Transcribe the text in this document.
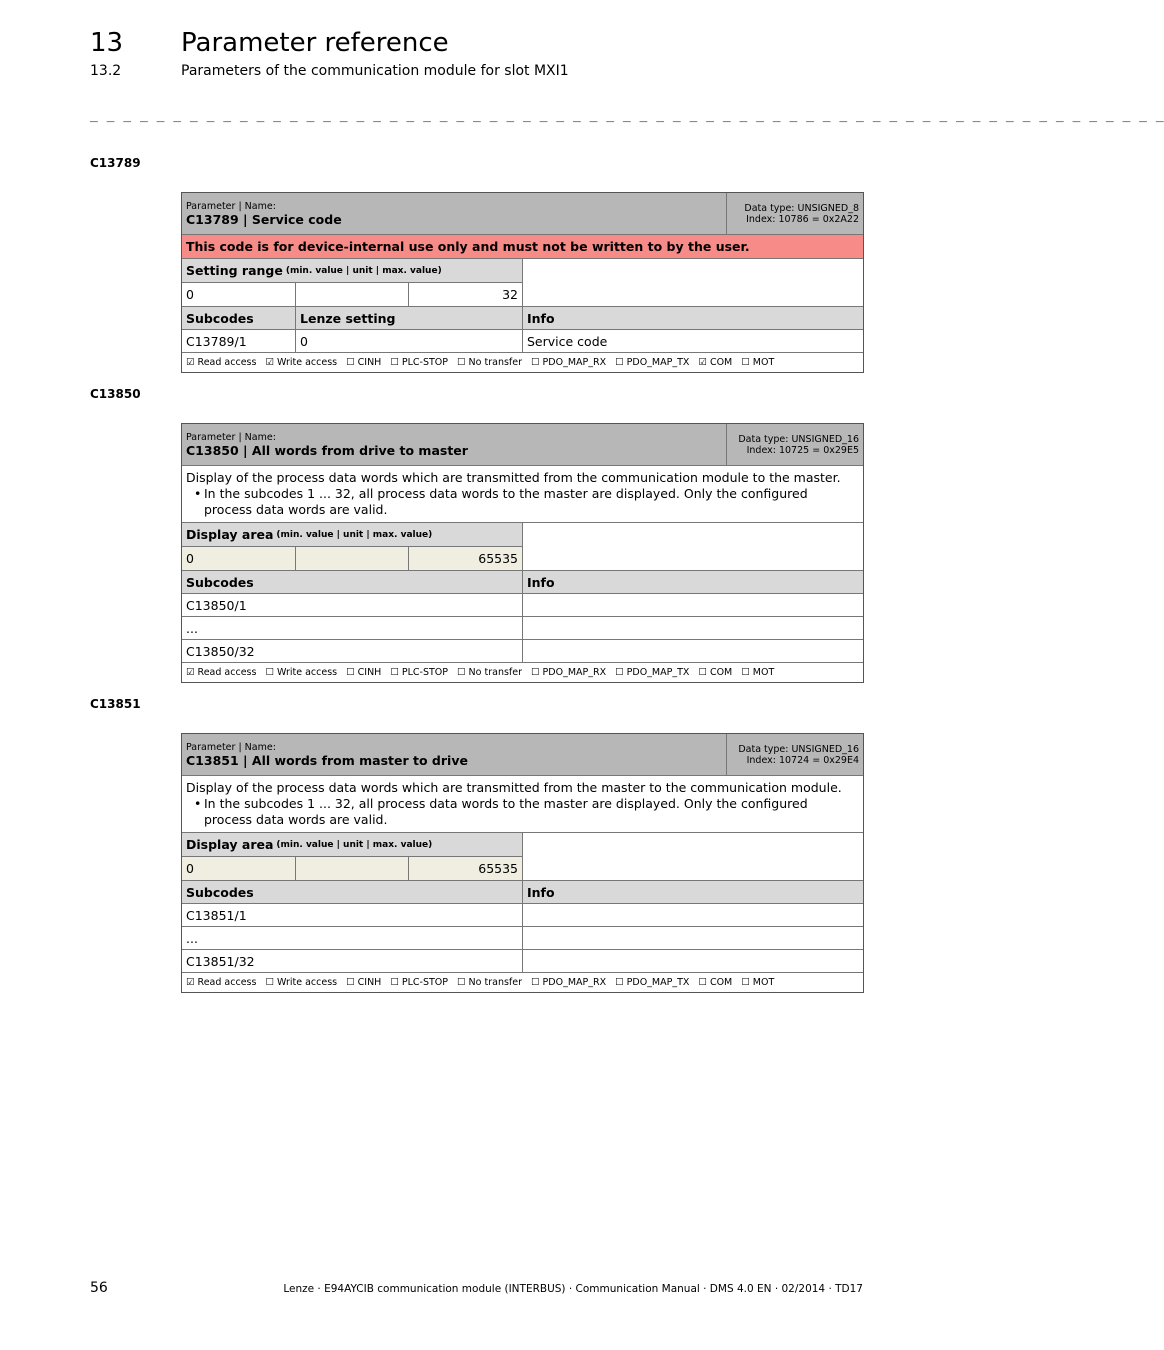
13 Parameter reference
13.2	Parameters of the communication module for slot MXI1
_ _ _ _ _ _ _ _ _ _ _ _ _ _ _ _ _ _ _ _ _ _ _ _ _ _ _ _ _ _ _ _ _ _ _ _ _ _ _ _ _ _ _ _ _ _ _ _ _ _ _ _ _ _ _ _ _ _ _ _ _ _ _ _ _
C13789
Parameter | Name:
C13789 | Service code
Data type: UNSIGNED_8
Index: 10786 = 0x2A22
This code is for device-internal use only and must not be written to by the user.
Setting range (min. value | unit | max. value)
0	32
Subcodes	Lenze setting	Info
C13789/1	0	Service code
☑ Read access ☑ Write access ☐ CINH ☐ PLC-STOP ☐ No transfer ☐ PDO_MAP_RX ☐ PDO_MAP_TX ☑ COM ☐ MOT
C13850
Parameter | Name:
C13850 | All words from drive to master
Data type: UNSIGNED_16
Index: 10725 = 0x29E5
Display of the process data words which are transmitted from the communication module to the master.
• In the subcodes 1 ... 32, all process data words to the master are displayed. Only the configured process data words are valid.
Display area (min. value | unit | max. value)
0	65535
Subcodes	Info
C13850/1
...
C13850/32
☑ Read access ☐ Write access ☐ CINH ☐ PLC-STOP ☐ No transfer ☐ PDO_MAP_RX ☐ PDO_MAP_TX ☐ COM ☐ MOT
C13851
Parameter | Name:
C13851 | All words from master to drive
Data type: UNSIGNED_16
Index: 10724 = 0x29E4
Display of the process data words which are transmitted from the master to the communication module.
• In the subcodes 1 ... 32, all process data words to the master are displayed. Only the configured process data words are valid.
Display area (min. value | unit | max. value)
0	65535
Subcodes	Info
C13851/1
...
C13851/32
☑ Read access ☐ Write access ☐ CINH ☐ PLC-STOP ☐ No transfer ☐ PDO_MAP_RX ☐ PDO_MAP_TX ☐ COM ☐ MOT
56	Lenze · E94AYCIB communication module (INTERBUS) · Communication Manual · DMS 4.0 EN · 02/2014 · TD17
